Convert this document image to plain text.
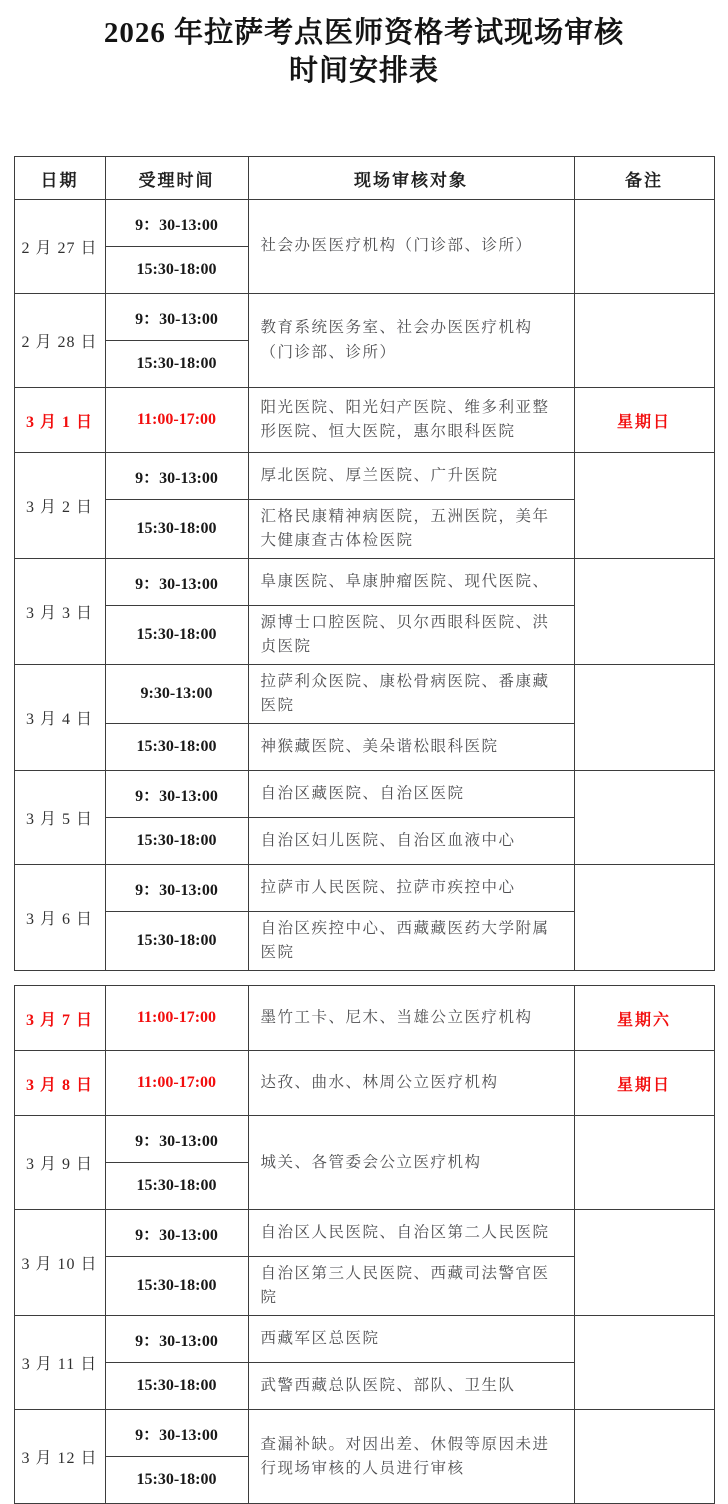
2026 年拉萨考点医师资格考试现场审核
时间安排表
日期	受理时间	现场审核对象	备注
2 月 27 日	9：30-13:00	社会办医医疗机构（门诊部、诊所）	
	15:30-18:00		
2 月 28 日	9：30-13:00	教育系统医务室、社会办医医疗机构（门诊部、诊所）	
	15:30-18:00		
3 月 1 日	11:00-17:00	阳光医院、阳光妇产医院、维多利亚整形医院、恒大医院，惠尔眼科医院	星期日
3 月 2 日	9：30-13:00	厚北医院、厚兰医院、广升医院	
	15:30-18:00	汇格民康精神病医院，五洲医院，美年大健康查古体检医院	
3 月 3 日	9：30-13:00	阜康医院、阜康肿瘤医院、现代医院、	
	15:30-18:00	源博士口腔医院、贝尔西眼科医院、洪贞医院	
3 月 4 日	9:30-13:00	拉萨利众医院、康松骨病医院、番康藏医院	
	15:30-18:00	神猴藏医院、美朵谐松眼科医院	
3 月 5 日	9：30-13:00	自治区藏医院、自治区医院	
	15:30-18:00	自治区妇儿医院、自治区血液中心	
3 月 6 日	9：30-13:00	拉萨市人民医院、拉萨市疾控中心	
	15:30-18:00	自治区疾控中心、西藏藏医药大学附属医院	
3 月 7 日	11:00-17:00	墨竹工卡、尼木、当雄公立医疗机构	星期六
3 月 8 日	11:00-17:00	达孜、曲水、林周公立医疗机构	星期日
3 月 9 日	9：30-13:00	城关、各管委会公立医疗机构	
	15:30-18:00		
3 月 10 日	9：30-13:00	自治区人民医院、自治区第二人民医院	
	15:30-18:00	自治区第三人民医院、西藏司法警官医院	
3 月 11 日	9：30-13:00	西藏军区总医院	
	15:30-18:00	武警西藏总队医院、部队、卫生队	
3 月 12 日	9：30-13:00	查漏补缺。对因出差、休假等原因未进行现场审核的人员进行审核	
	15:30-18:00		
